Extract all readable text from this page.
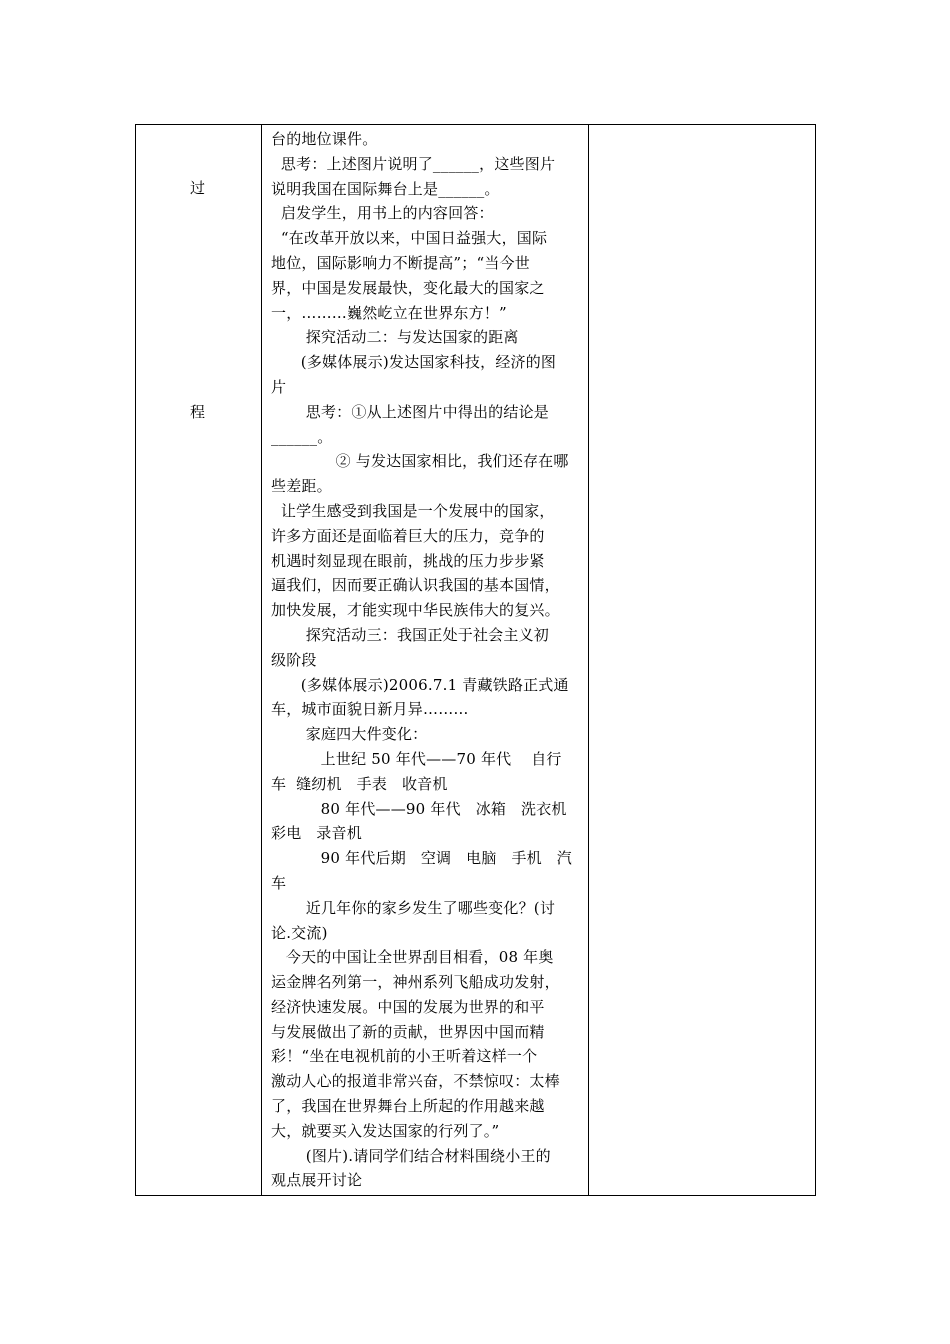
过
程
台的地位课件。
思考：上述图片说明了______，这些图片
说明我国在国际舞台上是______。
启发学生，用书上的内容回答：
“在改革开放以来，中国日益强大，国际
地位，国际影响力不断提高”；“当今世
界，中国是发展最快，变化最大的国家之
一，………巍然屹立在世界东方！”
探究活动二：与发达国家的距离
(多媒体展示)发达国家科技，经济的图
片
思考：①从上述图片中得出的结论是
______。
② 与发达国家相比，我们还存在哪
些差距。
让学生感受到我国是一个发展中的国家，
许多方面还是面临着巨大的压力，竞争的
机遇时刻显现在眼前，挑战的压力步步紧
逼我们，因而要正确认识我国的基本国情，
加快发展，才能实现中华民族伟大的复兴。
探究活动三：我国正处于社会主义初
级阶段
(多媒体展示)2006.7.1 青藏铁路正式通
车，城市面貌日新月异………
家庭四大件变化：
上世纪 50 年代——70 年代    自行
车  缝纫机   手表   收音机
80 年代——90 年代   冰箱   洗衣机
彩电   录音机
90 年代后期   空调   电脑   手机   汽
车
近几年你的家乡发生了哪些变化？(讨
论.交流)
今天的中国让全世界刮目相看，08 年奥
运金牌名列第一，神州系列飞船成功发射，
经济快速发展。中国的发展为世界的和平
与发展做出了新的贡献，世界因中国而精
彩！“坐在电视机前的小王听着这样一个
激动人心的报道非常兴奋，不禁惊叹：太棒
了，我国在世界舞台上所起的作用越来越
大，就要买入发达国家的行列了。”
(图片).请同学们结合材料围绕小王的
观点展开讨论
